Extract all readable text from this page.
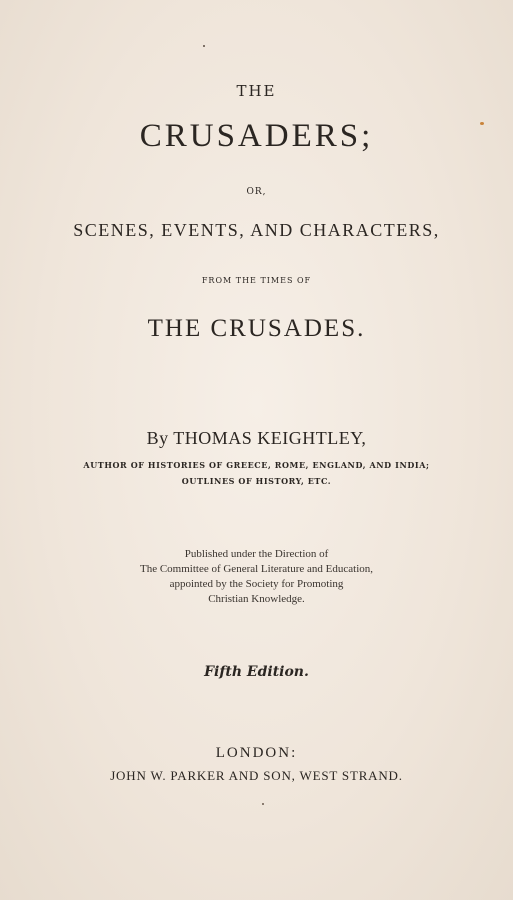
THE
CRUSADERS;
OR,
SCENES, EVENTS, AND CHARACTERS,
FROM THE TIMES OF
THE CRUSADES.
By THOMAS KEIGHTLEY,
AUTHOR OF HISTORIES OF GREECE, ROME, ENGLAND, AND INDIA;
OUTLINES OF HISTORY, ETC.
Published under the Direction of
The Committee of General Literature and Education,
appointed by the Society for Promoting
Christian Knowledge.
Fifth Edition.
LONDON:
JOHN W. PARKER AND SON, WEST STRAND.
